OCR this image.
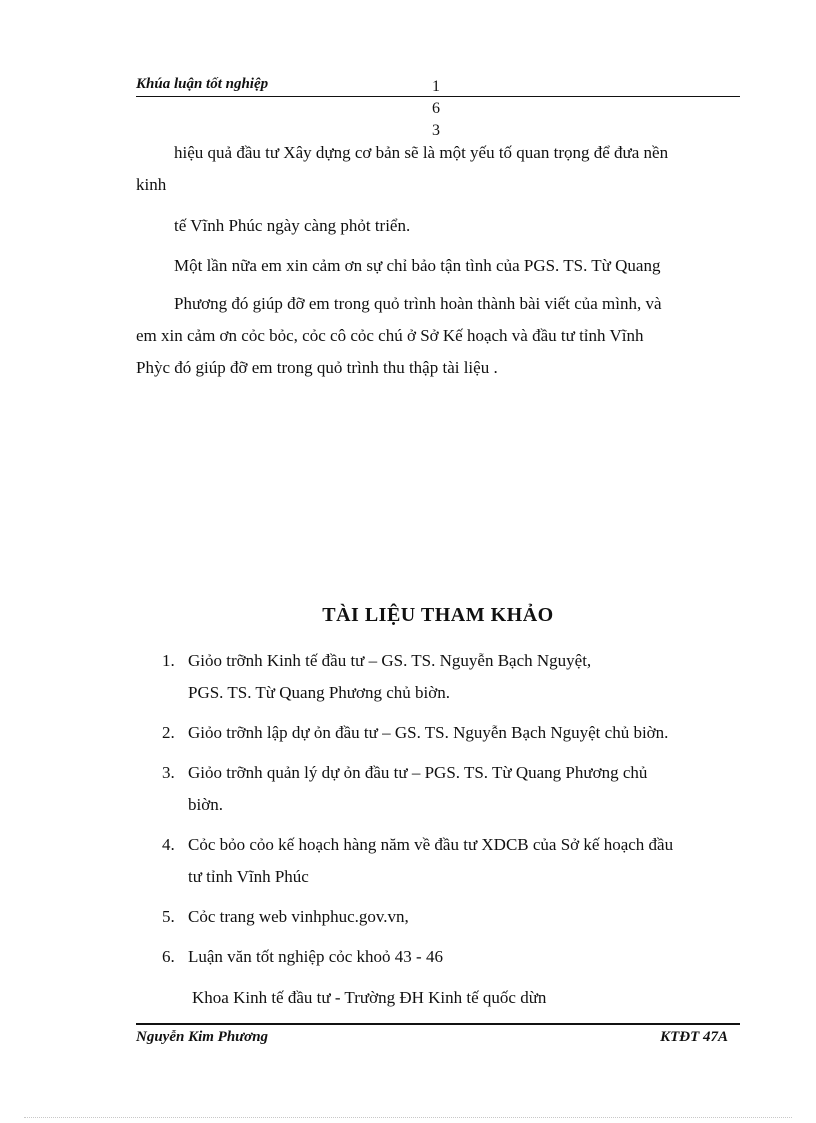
Khúa luận tốt nghiệp	1
6
3
hiệu quả đầu tư Xây dựng cơ bản sẽ là một yếu tố quan trọng để đưa nền
kinh
tế Vĩnh Phúc ngày càng phỏt triển.
Một lần nữa em xin cảm ơn sự chỉ bảo tận tình của PGS. TS. Từ Quang
Phương đó giúp đỡ em trong quỏ trình hoàn thành bài viết của mình, và
em xin cảm ơn cỏc bỏc, cỏc cô cỏc chú ở Sở Kế hoạch và đầu tư tỉnh Vĩnh
Phỳc đó giúp đỡ em trong quỏ trình thu thập tài liệu .
TÀI LIỆU THAM KHẢO
1. Giỏo trỡnh Kinh tế đầu tư – GS. TS. Nguyễn Bạch Nguyệt,
PGS. TS. Từ Quang Phương chủ biờn.
2. Giỏo trỡnh lập dự ỏn đầu tư – GS. TS. Nguyễn Bạch Nguyệt chủ biờn.
3. Giỏo trỡnh quản lý dự ỏn đầu tư – PGS. TS. Từ Quang Phương chủ
biờn.
4. Cỏc bỏo cỏo kế hoạch hàng năm về đầu tư XDCB của Sở kế hoạch đầu
tư tỉnh Vĩnh Phúc
5. Cỏc trang web vinhphuc.gov.vn,
6. Luận văn tốt nghiệp cỏc khoỏ 43 - 46
Khoa Kinh tế đầu tư - Trường ĐH Kinh tế quốc dừn
Nguyễn Kim Phương	KTĐT 47A
